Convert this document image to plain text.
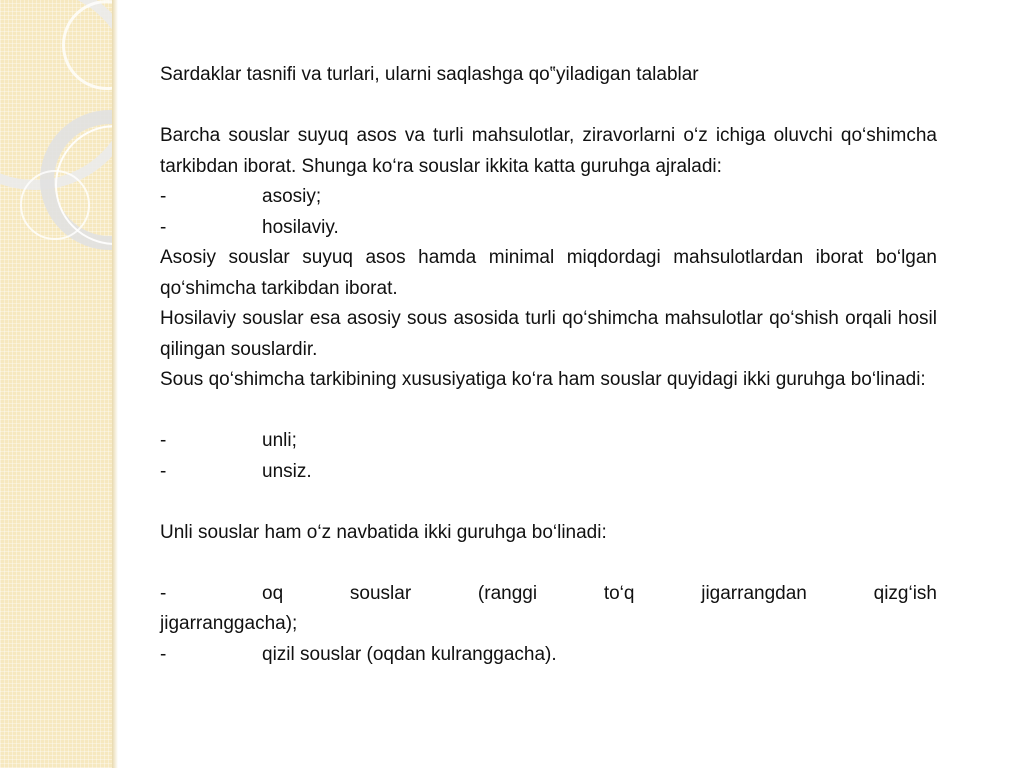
Sardaklar tasnifi va turlari, ularni saqlashga qo‟yiladigan talablar

Barcha souslar suyuq asos va turli mahsulotlar, ziravorlarni o‘z ichiga oluvchi qo‘shimcha tarkibdan iborat. Shunga ko‘ra souslar ikkita katta guruhga ajraladi:

-	asosiy;
-	hosilaviy.

Asosiy souslar suyuq asos hamda minimal miqdordagi mahsulotlardan iborat bo‘lgan qo‘shimcha tarkibdan iborat.

Hosilaviy souslar esa asosiy sous asosida turli qo‘shimcha mahsulotlar qo‘shish orqali hosil qilingan souslardir.

Sous qo‘shimcha tarkibining xususiyatiga ko‘ra ham souslar quyidagi ikki guruhga bo‘linadi:

-	unli;
-	unsiz.

Unli souslar ham o‘z navbatida ikki guruhga bo‘linadi:

-	oq souslar (ranggi to‘q jigarrangdan qizg‘ish

jigarranggacha);

-	qizil souslar (oqdan kulranggacha).
